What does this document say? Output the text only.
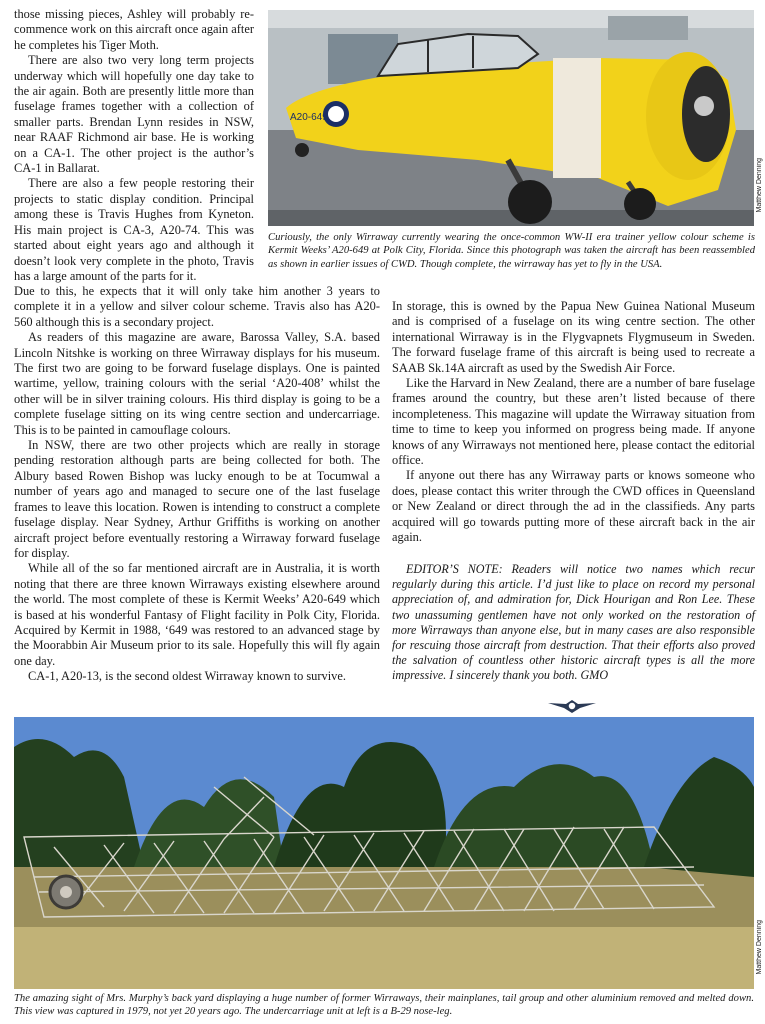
those missing pieces, Ashley will probably re-commence work on this aircraft once again after he completes his Tiger Moth.

There are also two very long term projects underway which will hopefully one day take to the air again. Both are presently little more than fuselage frames together with a collection of smaller parts. Brendan Lynn resides in NSW, near RAAF Richmond air base. He is working on a CA-1. The other project is the author’s CA-1 in Ballarat.

There are also a few people restoring their projects to static display condition. Principal among these is Travis Hughes from Kyneton. His main project is CA-3, A20-74. This was started about eight years ago and although it doesn’t look very complete in the photo, Travis has a large amount of the parts for it.

A20-649
Matthew Denning

Curiously, the only Wirraway currently wearing the once-common WW-II era trainer yellow colour scheme is Kermit Weeks’ A20-649 at Polk City, Florida. Since this photograph was taken the aircraft has been reassembled as shown in earlier issues of CWD. Though complete, the wirraway has yet to fly in the USA.

Due to this, he expects that it will only take him another 3 years to complete it in a yellow and silver colour scheme. Travis also has A20-560 although this is a secondary project.

As readers of this magazine are aware, Barossa Valley, S.A. based Lincoln Nitshke is working on three Wirraway displays for his museum. The first two are going to be forward fuselage displays. One is painted wartime, yellow, training colours with the serial ‘A20-408’ whilst the other will be in silver training colours. His third display is going to be a complete fuselage sitting on its wing centre section and undercarriage. This is to be painted in camouflage colours.

In NSW, there are two other projects which are really in storage pending restoration although parts are being collected for both. The Albury based Rowen Bishop was lucky enough to be at Tocumwal a number of years ago and managed to secure one of the last fuselage frames to leave this location. Rowen is intending to construct a complete fuselage display. Near Sydney, Arthur Griffiths is working on another aircraft project before eventually restoring a Wirraway forward fuselage for display.

While all of the so far mentioned aircraft are in Australia, it is worth noting that there are three known Wirraways existing elsewhere around the world. The most complete of these is Kermit Weeks’ A20-649 which is based at his wonderful Fantasy of Flight facility in Polk City, Florida. Acquired by Kermit in 1988, ‘649 was restored to an advanced stage by the Moorabbin Air Museum prior to its sale. Hopefully this will fly again one day.

CA-1, A20-13, is the second oldest Wirraway known to survive.

In storage, this is owned by the Papua New Guinea National Museum and is comprised of a fuselage on its wing centre section. The other international Wirraway is in the Flygvapnets Flygmuseum in Sweden. The forward fuselage frame of this aircraft is being used to recreate a SAAB Sk.14A aircraft as used by the Swedish Air Force.

Like the Harvard in New Zealand, there are a number of bare fuselage frames around the country, but these aren’t listed because of there incompleteness. This magazine will update the Wirraway situation from time to time to keep you informed on progress being made. If anyone knows of any Wirraways not mentioned here, please contact the editorial office.

If anyone out there has any Wirraway parts or knows someone who does, please contact this writer through the CWD offices in Queensland or New Zealand or direct through the ad in the classifieds. Any parts acquired will go towards putting more of these aircraft back in the air again.

EDITOR’S NOTE: Readers will notice two names which recur regularly during this article. I’d just like to place on record my personal appreciation of, and admiration for, Dick Hourigan and Ron Lee. These two unassuming gentlemen have not only worked on the restoration of more Wirraways than anyone else, but in many cases are also responsible for rescuing those aircraft from destruction. That their efforts also proved the salvation of countless other historic aircraft types is all the more impressive. I sincerely thank you both. GMO

Matthew Denning

The amazing sight of Mrs. Murphy’s back yard displaying a huge number of former Wirraways, their mainplanes, tail group and other aluminium removed and melted down. This view was captured in 1979, not yet 20 years ago. The undercarriage unit at left is a B-29 nose-leg.
